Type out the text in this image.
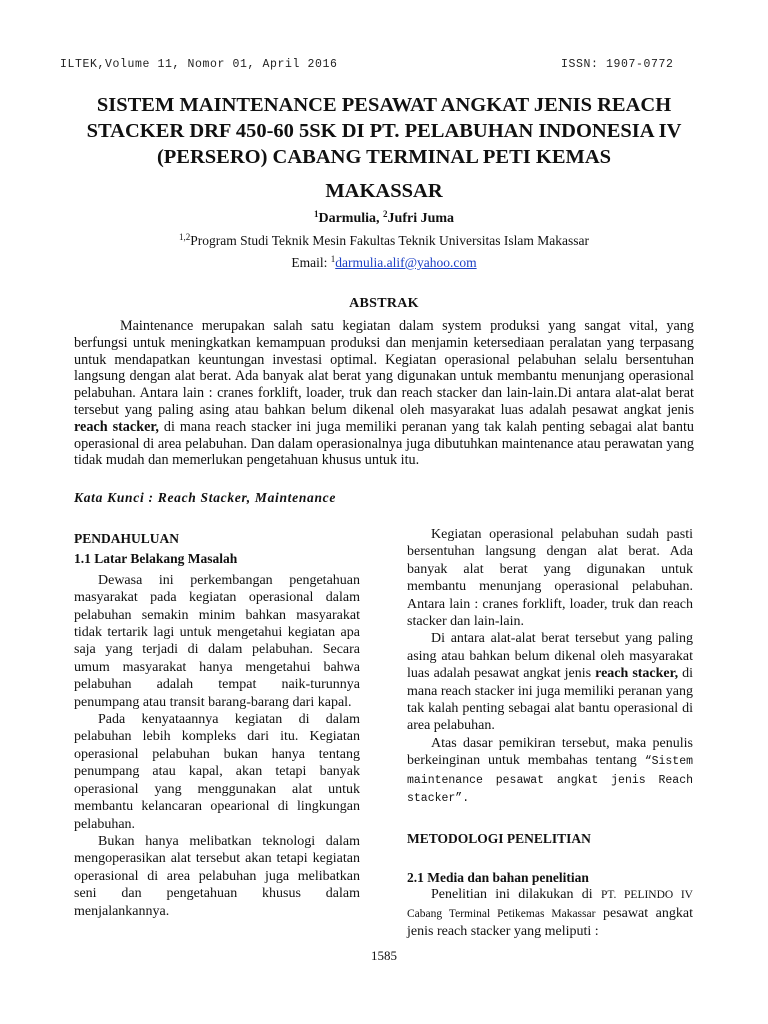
ILTEK,Volume 11, Nomor 01, April 2016	ISSN: 1907-0772
SISTEM MAINTENANCE PESAWAT ANGKAT JENIS REACH
STACKER DRF 450-60 5SK DI PT. PELABUHAN INDONESIA IV
(PERSERO) CABANG TERMINAL PETI KEMAS
MAKASSAR
$^1$Darmulia, $^2$Jufri Juma
$^{1,2}$Program Studi Teknik Mesin Fakultas Teknik Universitas Islam Makassar
Email: $^1$darmulia.alif@yahoo.com
ABSTRAK
Maintenance merupakan salah satu kegiatan dalam system produksi yang sangat vital, yang berfungsi untuk meningkatkan kemampuan produksi dan menjamin ketersediaan peralatan yang terpasang untuk mendapatkan keuntungan investasi optimal. Kegiatan operasional pelabuhan selalu bersentuhan langsung dengan alat berat. Ada banyak alat berat yang digunakan untuk membantu menunjang operasional pelabuhan. Antara lain : cranes forklift, loader, truk dan reach stacker dan lain-lain.Di antara alat-alat berat tersebut yang paling asing atau bahkan belum dikenal oleh masyarakat luas adalah pesawat angkat jenis reach stacker, di mana reach stacker ini juga memiliki peranan yang tak kalah penting sebagai alat bantu operasional di area pelabuhan. Dan dalam operasionalnya juga dibutuhkan maintenance atau perawatan yang tidak mudah dan memerlukan pengetahuan khusus untuk itu.
Kata Kunci : Reach Stacker, Maintenance
PENDAHULUAN
1.1 Latar Belakang Masalah

Dewasa ini perkembangan pengetahuan masyarakat pada kegiatan operasional dalam pelabuhan semakin minim bahkan masyarakat tidak tertarik lagi untuk mengetahui kegiatan apa saja yang terjadi di dalam pelabuhan. Secara umum masyarakat hanya mengetahui bahwa pelabuhan adalah tempat naik-turunnya penumpang atau transit barang-barang dari kapal.

Pada kenyataannya kegiatan di dalam pelabuhan lebih kompleks dari itu. Kegiatan operasional pelabuhan bukan hanya tentang penumpang atau kapal, akan tetapi banyak operasional yang menggunakan alat untuk membantu kelancaran opearional di lingkungan pelabuhan.

Bukan hanya melibatkan teknologi dalam mengoperasikan alat tersebut akan tetapi kegiatan operasional di area pelabuhan juga melibatkan seni dan pengetahuan khusus dalam menjalankannya.

Kegiatan operasional pelabuhan sudah pasti bersentuhan langsung dengan alat berat. Ada banyak alat berat yang digunakan untuk membantu menunjang operasional pelabuhan. Antara lain : cranes forklift, loader, truk dan reach stacker dan lain-lain.

Di antara alat-alat berat tersebut yang paling asing atau bahkan belum dikenal oleh masyarakat luas adalah pesawat angkat jenis reach stacker, di mana reach stacker ini juga memiliki peranan yang tak kalah penting sebagai alat bantu operasional di area pelabuhan.

Atas dasar pemikiran tersebut, maka penulis berkeinginan untuk membahas tentang “Sistem maintenance pesawat angkat jenis Reach stacker”.

METODOLOGI PENELITIAN
2.1 Media dan bahan penelitian

Penelitian ini dilakukan di PT. PELINDO IV Cabang Terminal Petikemas Makassar pesawat angkat jenis reach stacker yang meliputi :

1585
